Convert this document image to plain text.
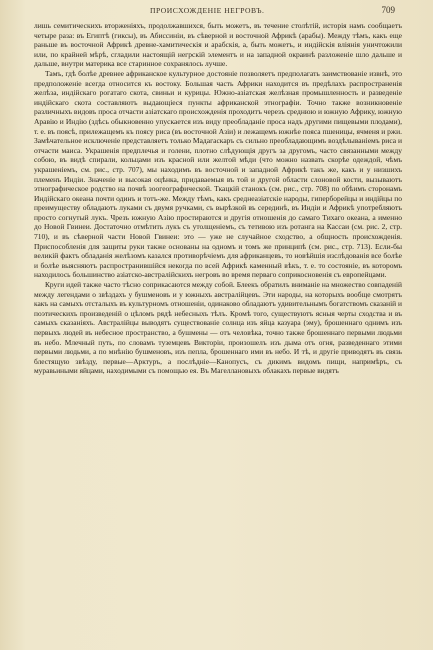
ПРОИСХОЖДЕНIЕ НЕГРОВЪ.	709

лишь семитическихъ вторженiяхъ, продолжавшихся, быть можетъ, въ течение столѣтiй, исторiя намъ сообщаетъ четыре раза: въ Египтѣ (гиксы), въ Абиссинiи, въ сѣверной и восточной Африкѣ (арабы). Между тѣмъ, какъ еще раньше въ восточной Африкѣ древне-хамитическiя и арабскiя, а, быть можетъ, и индiйскiя влiянiя уничтожили или, по крайней мѣрѣ, сгладили настоящiй негрскiй элементъ и на западной окраинѣ разложенiе шло дальше и дальше, внутри материка все старинное сохранялось лучше.

Тамъ, гдѣ болѣе древнее африканское культурное достоянiе позволяетъ предполагать заимствованiе извнѣ, это предположенiе всегда относится къ востоку. Большая часть Африки находится въ предѣлахъ распространенiя желѣза, индiйскаго рогатаго скота, свиньи и курицы. Южно-азiатская желѣзная промышленность и разведенiе индiйскаго скота составляютъ выдающiеся пункты африканской этнографiи. Точно также возникновенiе различныхъ видовъ проса отчасти азiатскаго происхожденiя проходитъ черезъ среднюю и южную Африку, южную Аравiю и Индiю (здѣсь обыкновенно упускается изъ виду преобладанiе проса надъ другими пищевыми плодами), т. е. въ поясѣ, прилежащемъ къ поясу риса (въ восточной Азiи) и лежащемъ южнѣе пояса пшеницы, ячменя и ржи. Замѣчательное исключенiе представляетъ только Мадагаскаръ съ сильно преобладающимъ воздѣлыванiемъ риса и отчасти маиса. Украшенiя предплечья и голени, плотно слѣдующiя другъ за другомъ, часто связанными между собою, въ видѣ спирали, кольцами изъ красной или желтой мѣди (что можно назвать скорѣе одеждой, чѣмъ украшенiемъ, см. рис., стр. 707), мы находимъ въ восточной и западной Африкѣ такъ же, какъ и у низшихъ племенъ Индiи. Значенiе и высокая оцѣнка, придаваемыя въ той и другой области слоновой кости, вызываютъ этнографическое родство на почвѣ зоогеографической. Ткацкiй станокъ (см. рис., стр. 708) по обѣимъ сторонамъ Индiйскаго океана почти одинъ и тотъ-же. Между тѣмъ, какъ среднеазiатскiе народы, гиперборейцы и индiйцы по преимуществу обладаютъ луками съ двумя ручками, съ вырѣзкой въ серединѣ, въ Индiи и Африкѣ употребляютъ просто согнутый лукъ. Чрезъ южную Азiю простираются и другiя отношенiя до самаго Тихаго океана, а именно до Новой Гвинеи. Достаточно отмѣтить лукъ съ утолщенiемъ, съ тетивою изъ ротанга на Кассаи (см. рис. 2, стр. 710), и въ сѣверной части Новой Гвинеи: это — уже не случайное сходство, а общность происхожденiя. Приспособленiя для защиты руки также основаны на одномъ и томъ же принципѣ (см. рис., стр. 713). Если-бы великiй фактъ обладанiя желѣзомъ казался противорѣчiемъ для африканцевъ, то новѣйшiя изслѣдованiя все болѣе и болѣе выясняютъ распространившiйся некогда по всей Африкѣ каменный вѣкъ, т. е. то состоянiе, въ которомъ находилось большинство азiатско-австралiйскихъ негровъ во время перваго соприкосновенiя съ европейцами.

Круги идей также часто тѣсно соприкасаются между собой. Блеекъ обратилъ вниманiе на множество совпаденiй между легендами о звѣздахъ у бушменовъ и у южныхъ австралiйцевъ. Эти народы, на которыхъ вообще смотрятъ какъ на самыхъ отсталыхъ въ культурномъ отношенiи, одинаково обладаютъ удивительнымъ богатствомъ сказанiй и поэтическихъ произведенiй о цѣломъ рядѣ небесныхъ тѣлъ. Кромѣ того, существуютъ ясныя черты сходства и въ самыхъ сказанiяхъ. Австралiйцы выводятъ существованiе солнца изъ яйца казуара (эму), брошеннаго однимъ изъ первыхъ людей въ небесное пространство, а бушмены — отъ человѣка, точно также брошеннаго первыми людьми въ небо. Млечный путь, по словамъ туземцевъ Викторiи, произошелъ изъ дыма отъ огня, разведеннаго этими первыми людьми, а по мнѣнiю бушменовъ, изъ пепла, брошеннаго ими въ небо. И тѣ, и другiе приводятъ въ связь блестящую звѣзду, первые—Арктуръ, а послѣднiе—Канопусъ, съ дикимъ видомъ пищи, напримѣръ, съ муравьиными яйцами, находимыми съ помощью ея. Въ Магеллановыхъ облакахъ первые видятъ
